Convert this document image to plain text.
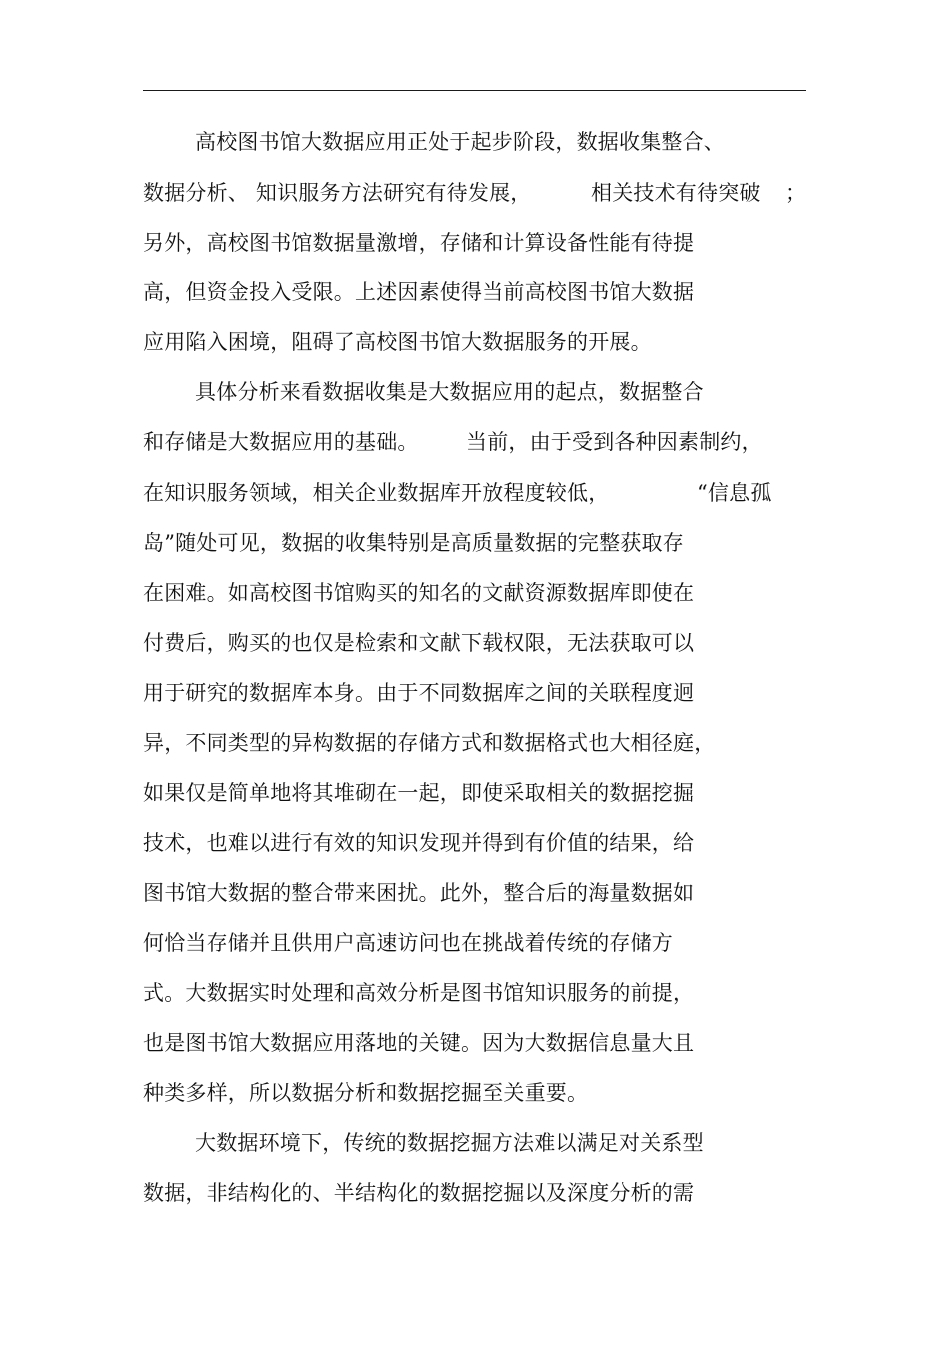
高校图书馆大数据应用正处于起步阶段，数据收集整合、
数据分析、 知识服务方法研究有待发展，	相关技术有待突破 ；
另外，高校图书馆数据量激增，存储和计算设备性能有待提
高，但资金投入受限。上述因素使得当前高校图书馆大数据
应用陷入困境，阻碍了高校图书馆大数据服务的开展。
具体分析来看数据收集是大数据应用的起点，数据整合
和存储是大数据应用的基础。 当前，由于受到各种因素制约，
在知识服务领域，相关企业数据库开放程度较低，	“信息孤
岛”随处可见，数据的收集特别是高质量数据的完整获取存
在困难。如高校图书馆购买的知名的文献资源数据库即使在
付费后，购买的也仅是检索和文献下载权限，无法获取可以
用于研究的数据库本身。由于不同数据库之间的关联程度迥
异，不同类型的异构数据的存储方式和数据格式也大相径庭，
如果仅是简单地将其堆砌在一起，即使采取相关的数据挖掘
技术，也难以进行有效的知识发现并得到有价值的结果，给
图书馆大数据的整合带来困扰。此外，整合后的海量数据如
何恰当存储并且供用户高速访问也在挑战着传统的存储方
式。大数据实时处理和高效分析是图书馆知识服务的前提，
也是图书馆大数据应用落地的关键。因为大数据信息量大且
种类多样，所以数据分析和数据挖掘至关重要。
大数据环境下，传统的数据挖掘方法难以满足对关系型
数据，非结构化的、半结构化的数据挖掘以及深度分析的需
